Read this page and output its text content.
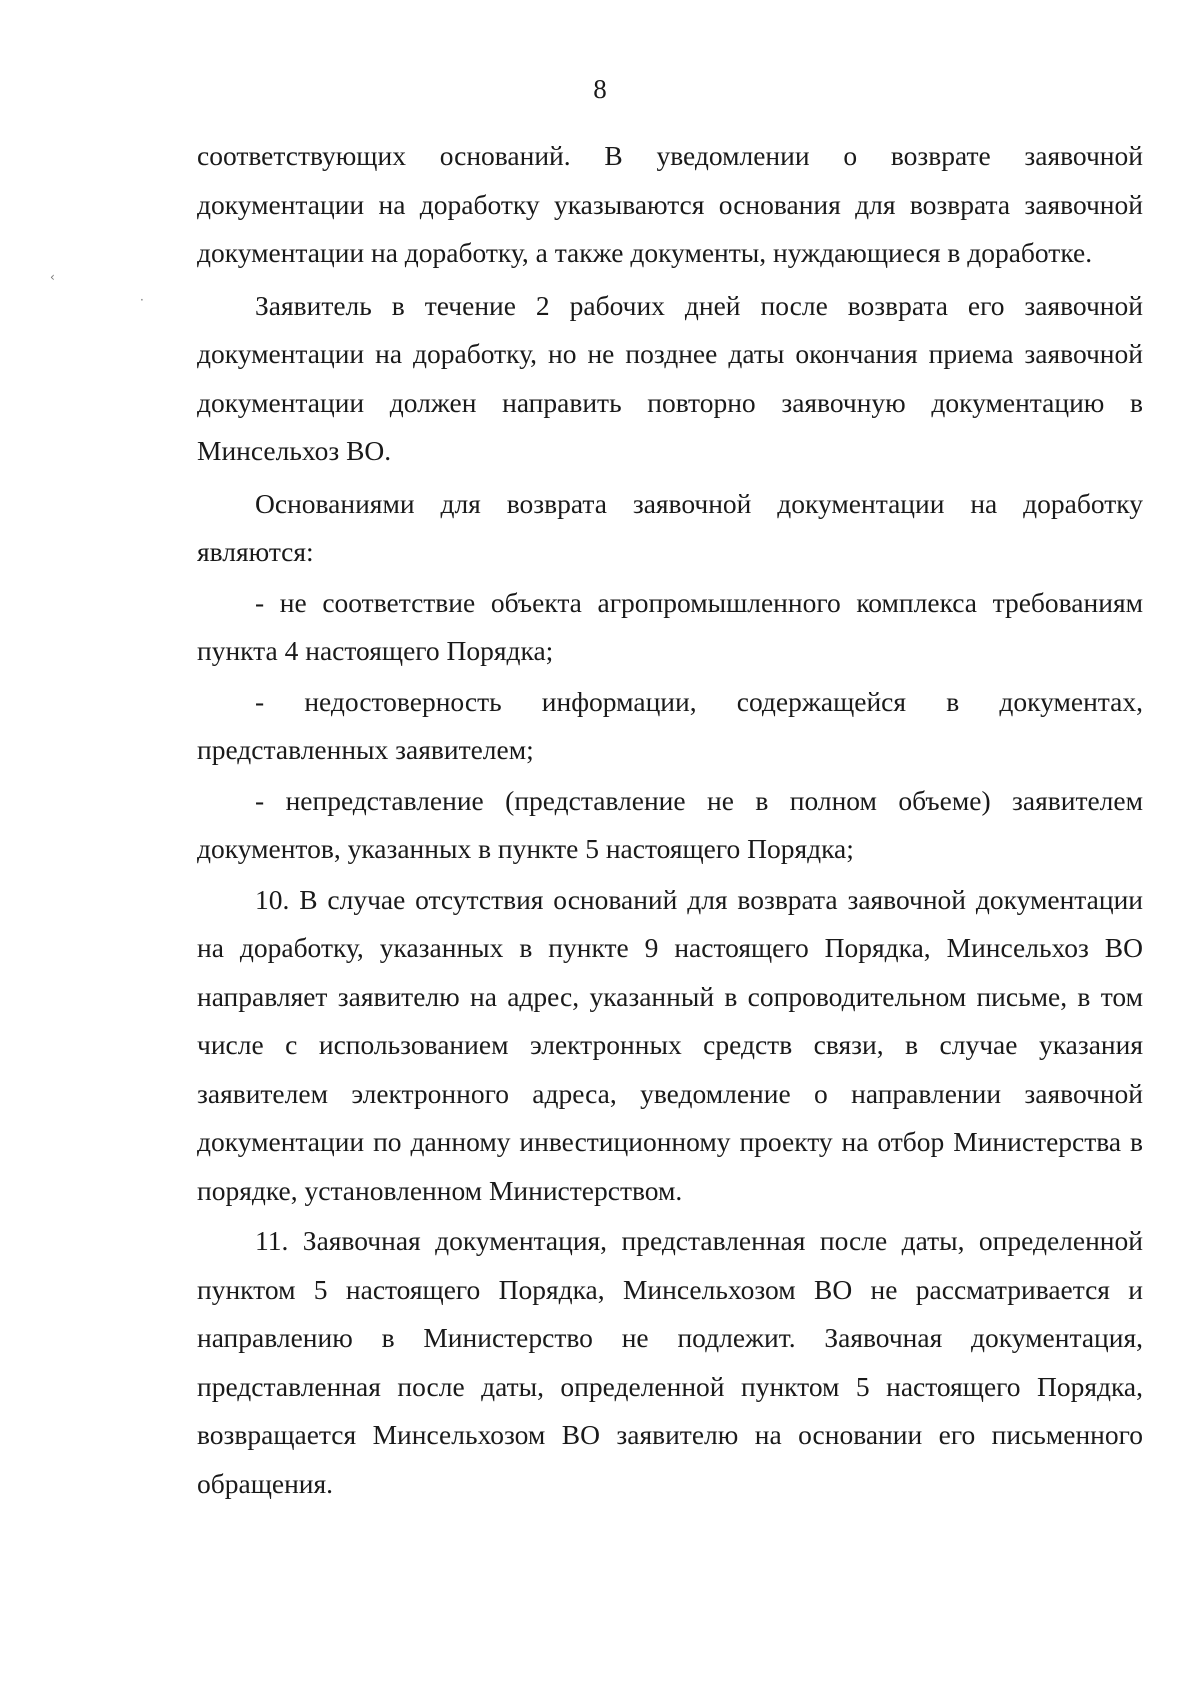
8
‹
·

соответствующих оснований. В уведомлении о возврате заявочной документации на доработку указываются основания для возврата заявочной документации на доработку, а также документы, нуждающиеся в доработке.

Заявитель в течение 2 рабочих дней после возврата его заявочной документации на доработку, но не позднее даты окончания приема заявочной документации должен направить повторно заявочную документацию в Минсельхоз ВО.

Основаниями для возврата заявочной документации на доработку являются:

- не соответствие объекта агропромышленного комплекса требованиям пункта 4 настоящего Порядка;

- недостоверность информации, содержащейся в документах, представленных заявителем;

- непредставление (представление не в полном объеме) заявителем документов, указанных в пункте 5 настоящего Порядка;

10. В случае отсутствия оснований для возврата заявочной документации на доработку, указанных в пункте 9 настоящего Порядка, Минсельхоз ВО направляет заявителю на адрес, указанный в сопроводительном письме, в том числе с использованием электронных средств связи, в случае указания заявителем электронного адреса, уведомление о направлении заявочной документации по данному инвестиционному проекту на отбор Министерства в порядке, установленном Министерством.

11. Заявочная документация, представленная после даты, определенной пунктом 5 настоящего Порядка, Минсельхозом ВО не рассматривается и направлению в Министерство не подлежит. Заявочная документация, представленная после даты, определенной пунктом 5 настоящего Порядка, возвращается Минсельхозом ВО заявителю на основании его письменного обращения.
